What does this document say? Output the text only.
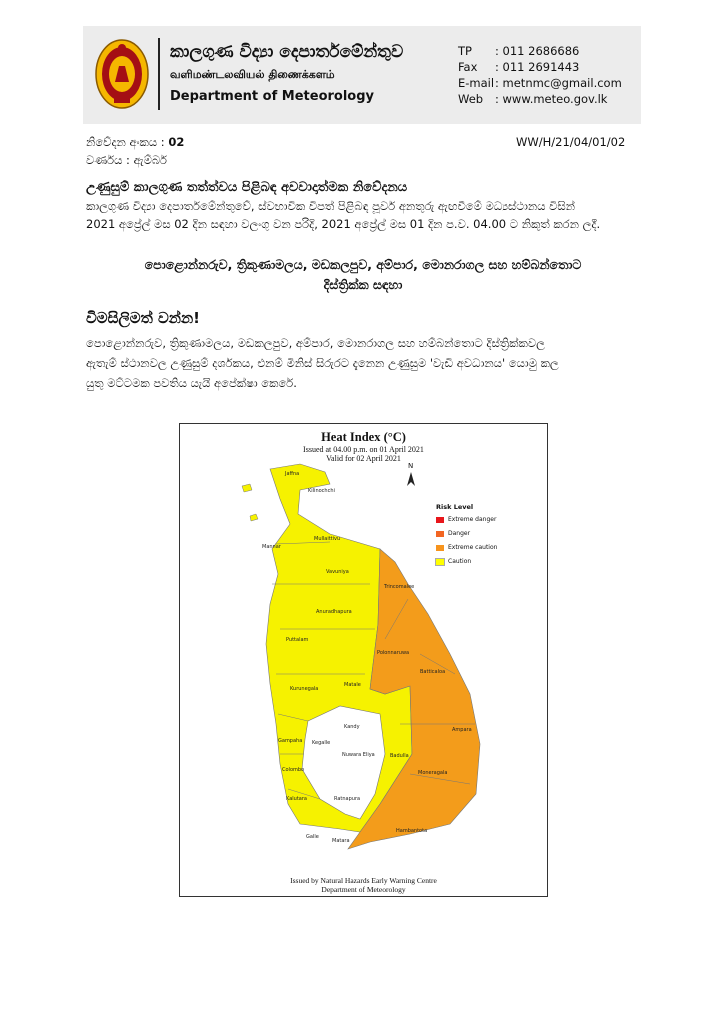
කාලගුණ විද්‍යා දෙපාර්තමේන්තුව
வளிமண்டலவியல் திணைக்களம்
Department of Meteorology
TP : 011 2686686
Fax : 011 2691443
E-mail: metnmc@gmail.com
Web : www.meteo.gov.lk
නිවේදන අංකය : 02	WW/H/21/04/01/02
වර්ණය : ඇම්බර්
උණුසුම් කාලගුණ තත්ත්වය පිළිබඳ අවවාදාත්මක නිවේදනය
කාලගුණ විද්‍යා දෙපාර්තමේන්තුවේ, ස්වභාවික විපත් පිළිබඳ පූර්ව අනතුරු ඇඟවීමේ මධ්‍යස්ථානය විසින්
2021 අප්‍රේල් මස 02 දින සඳහා වලංගු වන පරිදි, 2021 අප්‍රේල් මස 01 දින ප.ව. 04.00 ට නිකුත් කරන ලදී.
පොළොන්නරුව, ත්‍රිකුණාමලය, මඩකලපුව, අම්පාර, මොනරාගල සහ හම්බන්තොට
දිස්ත්‍රික්ක සඳහා
විමසිලිමත් වන්න!
පොළොන්නරුව, ත්‍රිකුණාමලය, මඩකලපුව, අම්පාර, මොනරාගල සහ හම්බන්තොට දිස්ත්‍රික්කවල
ඇතැම් ස්ථානවල උණුසුම් දර්ශකය, එනම් මිනිස් සිරුරට දැනෙන උණුසුම 'වැඩි අවධානය' යොමු කල
යුතු මට්ටමක පවතිය යැයි අපේක්ෂා කෙරේ.
Heat Index (°C)
Issued at 04.00 p.m. on 01 April 2021
Valid for 02 April 2021
N
Risk Level
Extreme danger
Danger
Extreme caution
Caution
Jaffna
Kilinochchi
Mullaittivu
Mannar
Vavuniya
Trincomalee
Anuradhapura
Puttalam
Polonnaruwa
Batticaloa
Kurunegala
Matale
Kandy	Ampara
Kegalle
Nuwara Eliya	Badulla
Gampaha
Colombo	Moneragala
Kalutara	Ratnapura
Galle
Matara
Hambantota
Issued by Natural Hazards Early Warning Centre
Department of Meteorology
